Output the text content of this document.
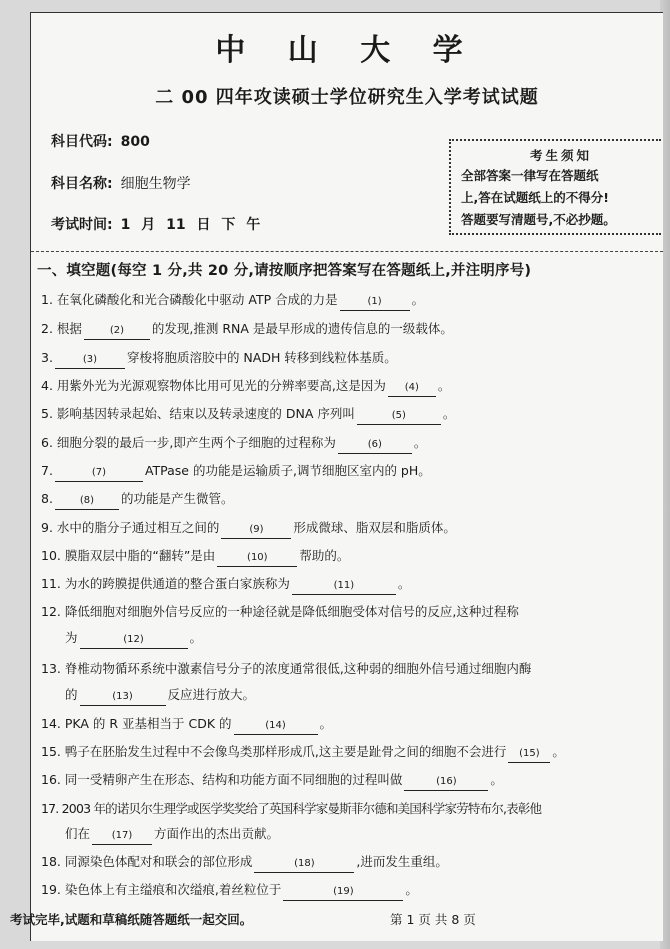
中 山 大 学
二 00 四年攻读硕士学位研究生入学考试试题
科目代码: 800
科目名称: 细胞生物学
考试时间: 1 月 11 日 下 午
考生须知
全部答案一律写在答题纸
上,答在试题纸上的不得分!
答题要写清题号,不必抄题。
一、填空题(每空 1 分,共 20 分,请按顺序把答案写在答题纸上,并注明序号)
1. 在氧化磷酸化和光合磷酸化中驱动 ATP 合成的力是	(1) 。
2. 根据	(2) 的发现,推测 RNA 是最早形成的遗传信息的一级载体。
3.	(3) 穿梭将胞质溶胶中的 NADH 转移到线粒体基质。
4. 用紫外光为光源观察物体比用可见光的分辨率要高,这是因为 (4) 。
5. 影响基因转录起始、结束以及转录速度的 DNA 序列叫	(5)	。
6. 细胞分裂的最后一步,即产生两个子细胞的过程称为	(6)	。
7.	(7)	ATPase 的功能是运输质子,调节细胞区室内的 pH。
8.	(8) 的功能是产生微管。
9. 水中的脂分子通过相互之间的	(9) 形成微球、脂双层和脂质体。
10. 膜脂双层中脂的“翻转”是由	(10)	帮助的。
11. 为水的跨膜提供通道的整合蛋白家族称为	(11)	。
12. 降低细胞对细胞外信号反应的一种途径就是降低细胞受体对信号的反应,这种过程称
为	(12)	。
13. 脊椎动物循环系统中激素信号分子的浓度通常很低,这种弱的细胞外信号通过细胞内酶
的	(13)	反应进行放大。
14. PKA 的 R 亚基相当于 CDK 的	(14)	。
15. 鸭子在胚胎发生过程中不会像鸟类那样形成爪,这主要是趾骨之间的细胞不会进行 (15) 。
16. 同一受精卵产生在形态、结构和功能方面不同细胞的过程叫做	(16)	。
17. 2003 年的诺贝尔生理学或医学奖奖给了英国科学家曼斯菲尔德和美国科学家劳特布尔,表彰他
们在 (17) 方面作出的杰出贡献。
18. 同源染色体配对和联会的部位形成	(18)	,进而发生重组。
19. 染色体上有主缢痕和次缢痕,着丝粒位于	(19)	。
考试完毕,试题和草稿纸随答题纸一起交回。	第 1 页 共 8 页
